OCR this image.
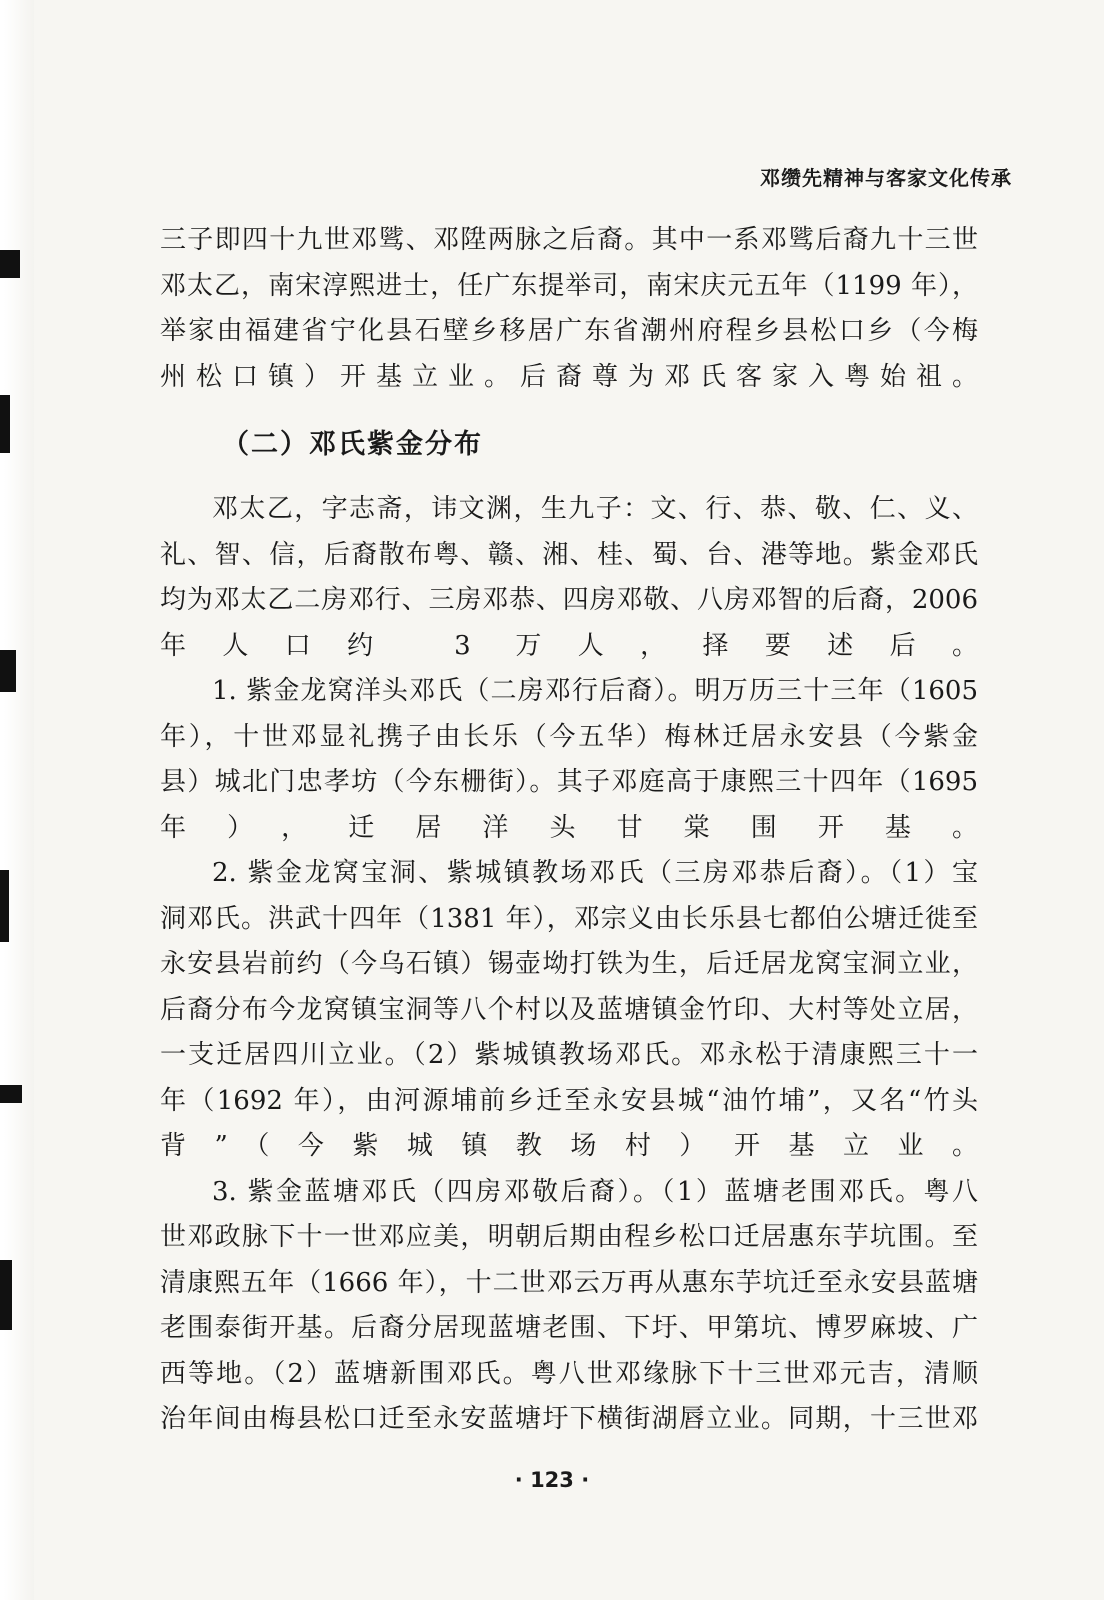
邓缵先精神与客家文化传承

三子即四十九世邓骘、邓陞两脉之后裔。其中一系邓骘后裔九十三世
邓太乙，南宋淳熙进士，任广东提举司，南宋庆元五年（1199 年），
举家由福建省宁化县石壁乡移居广东省潮州府程乡县松口乡（今梅
州松口镇）开基立业。后裔尊为邓氏客家入粤始祖。

（二）邓氏紫金分布

邓太乙，字志斋，讳文渊，生九子：文、行、恭、敬、仁、义、
礼、智、信，后裔散布粤、赣、湘、桂、蜀、台、港等地。紫金邓氏
均为邓太乙二房邓行、三房邓恭、四房邓敬、八房邓智的后裔，2006
年人口约 3 万人，择要述后。

1. 紫金龙窝洋头邓氏（二房邓行后裔）。明万历三十三年（1605
年），十世邓显礼携子由长乐（今五华）梅林迁居永安县（今紫金
县）城北门忠孝坊（今东栅街）。其子邓庭高于康熙三十四年（1695
年），迁居洋头甘棠围开基。

2. 紫金龙窝宝洞、紫城镇教场邓氏（三房邓恭后裔）。（1）宝
洞邓氏。洪武十四年（1381 年），邓宗义由长乐县七都伯公塘迁徙至
永安县岩前约（今乌石镇）锡壶坳打铁为生，后迁居龙窝宝洞立业，
后裔分布今龙窝镇宝洞等八个村以及蓝塘镇金竹印、大村等处立居，
一支迁居四川立业。（2）紫城镇教场邓氏。邓永松于清康熙三十一
年（1692 年），由河源埔前乡迁至永安县城“油竹埔”，又名“竹头
背”（今紫城镇教场村）开基立业。

3. 紫金蓝塘邓氏（四房邓敬后裔）。（1）蓝塘老围邓氏。粤八
世邓政脉下十一世邓应美，明朝后期由程乡松口迁居惠东芋坑围。至
清康熙五年（1666 年），十二世邓云万再从惠东芋坑迁至永安县蓝塘
老围泰街开基。后裔分居现蓝塘老围、下圩、甲第坑、博罗麻坡、广
西等地。（2）蓝塘新围邓氏。粤八世邓缘脉下十三世邓元吉，清顺
治年间由梅县松口迁至永安蓝塘圩下横街湖唇立业。同期，十三世邓

· 123 ·
